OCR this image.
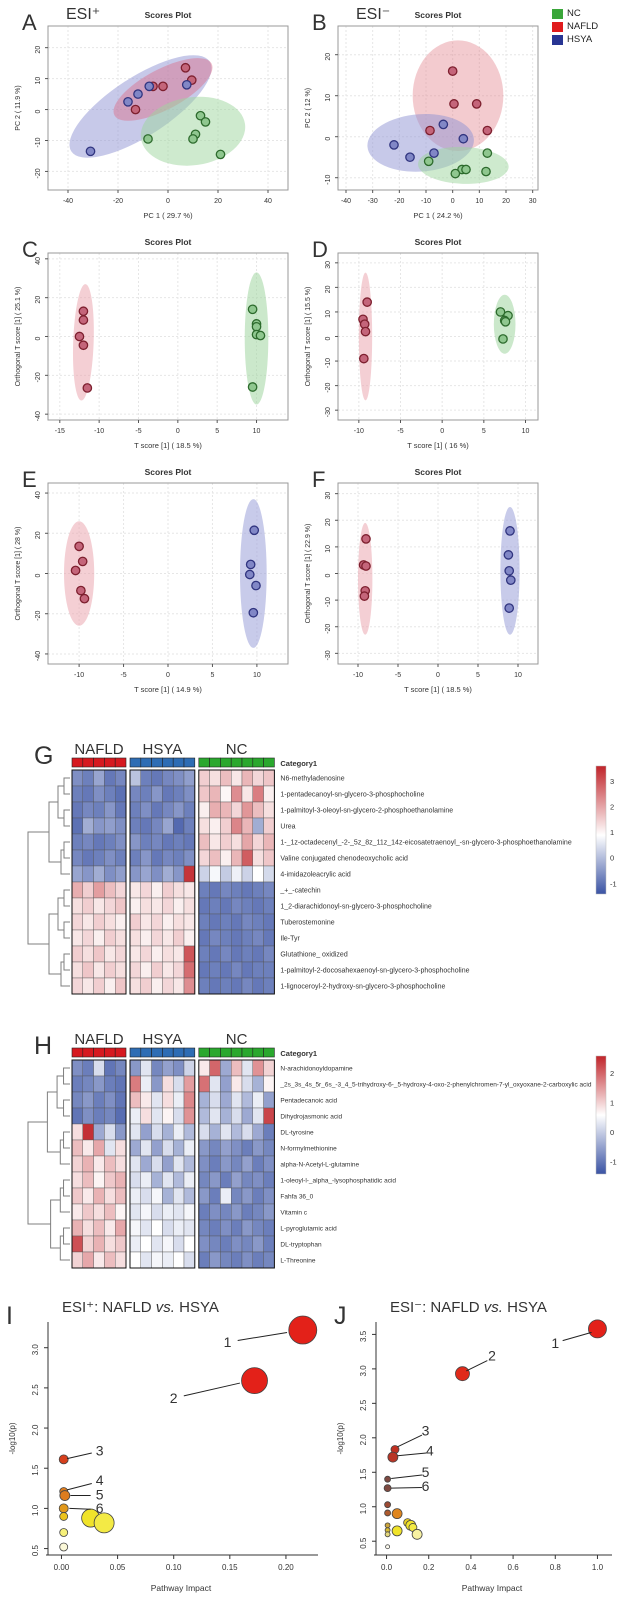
NC
NAFLD
HSYA
-40	-20	0	20	40
-20
-10
0
10
20
PC 1 ( 29.7 %)
PC 2 ( 11.9 %)
Scores Plot
A ESI⁺
-40 -30 -20 -10	0	10	20	30
-10
0
10
20
PC 1 ( 24.2 %)
PC 2 ( 12 %)
Scores Plot
B ESI⁻
-15	-10	-5	0	5	10
-40
-20
0
20
40
T score [1] ( 18.5 %)
Orthogonal T score [1] ( 25.1 %)
Scores Plot
C
-10	-5	0	5	10
-30
-20
-10
0
10
20
30
T score [1] ( 16 %)
Orthogonal T score [1] ( 15.5 %)
Scores Plot
D
-10	-5	0	5	10
-40
-20
0
20
40
T score [1] ( 14.9 %)
Orthogonal T score [1] ( 28 %)
Scores Plot
E
-10	-5	0	5	10
-30
-20
-10
0
10
20
30
T score [1] ( 18.5 %)
Orthogonal T score [1] ( 22.9 %)
Scores Plot
F
G NAFLD HSYA	NC
Category1
N6-methyladenosine
1-pentadecanoyl-sn-glycero-3-phosphocholine
1-palmitoyl-3-oleoyl-sn-glycero-2-phosphoethanolamine
Urea
1-_1z-octadecenyl_-2-_5z_8z_11z_14z-eicosatetraenoyl_-sn-glycero-3-phosphoethanolamine
Valine conjugated chenodeoxycholic acid
4-imidazoleacrylic acid
_+_-catechin
1_2-diarachidonoyl-sn-glycero-3-phosphocholine
Tuberostemonine
Ile-Tyr
Glutathione_ oxidized
1-palmitoyl-2-docosahexaenoyl-sn-glycero-3-phosphocholine
1-lignoceroyl-2-hydroxy-sn-glycero-3-phosphocholine
3
2
1
0
-1
H NAFLD HSYA	NC
Category1
N-arachidonoyldopamine
_2s_3s_4s_5r_6s_-3_4_5-trihydroxy-6-_5-hydroxy-4-oxo-2-phenylchromen-7-yl_oxyoxane-2-carboxylic acid
Pentadecanoic acid
Dihydrojasmonic acid
DL-tyrosine
N-formylmethionine
alpha-N-Acetyl-L-glutamine
1-oleoyl-l-_alpha_-lysophosphatidic acid
Fahfa 36_0
Vitamin c
L-pyroglutamic acid
DL-tryptophan
L-Threonine
2
1
0
-1
0.00	0.05	0.10	0.15	0.20
0.5
1.0
1.5
2.0
2.5
3.0
Pathway Impact
-log10(p)
ESI⁺: NAFLD vs. HSYA
I
1
2
3
4
5
6
0.0	0.2	0.4	0.6	0.8	1.0
0.5
1.0
1.5
2.0
2.5
3.0
3.5
Pathway Impact
-log10(p)
ESI⁻: NAFLD vs. HSYA
J
1
2
3
4
5
6
